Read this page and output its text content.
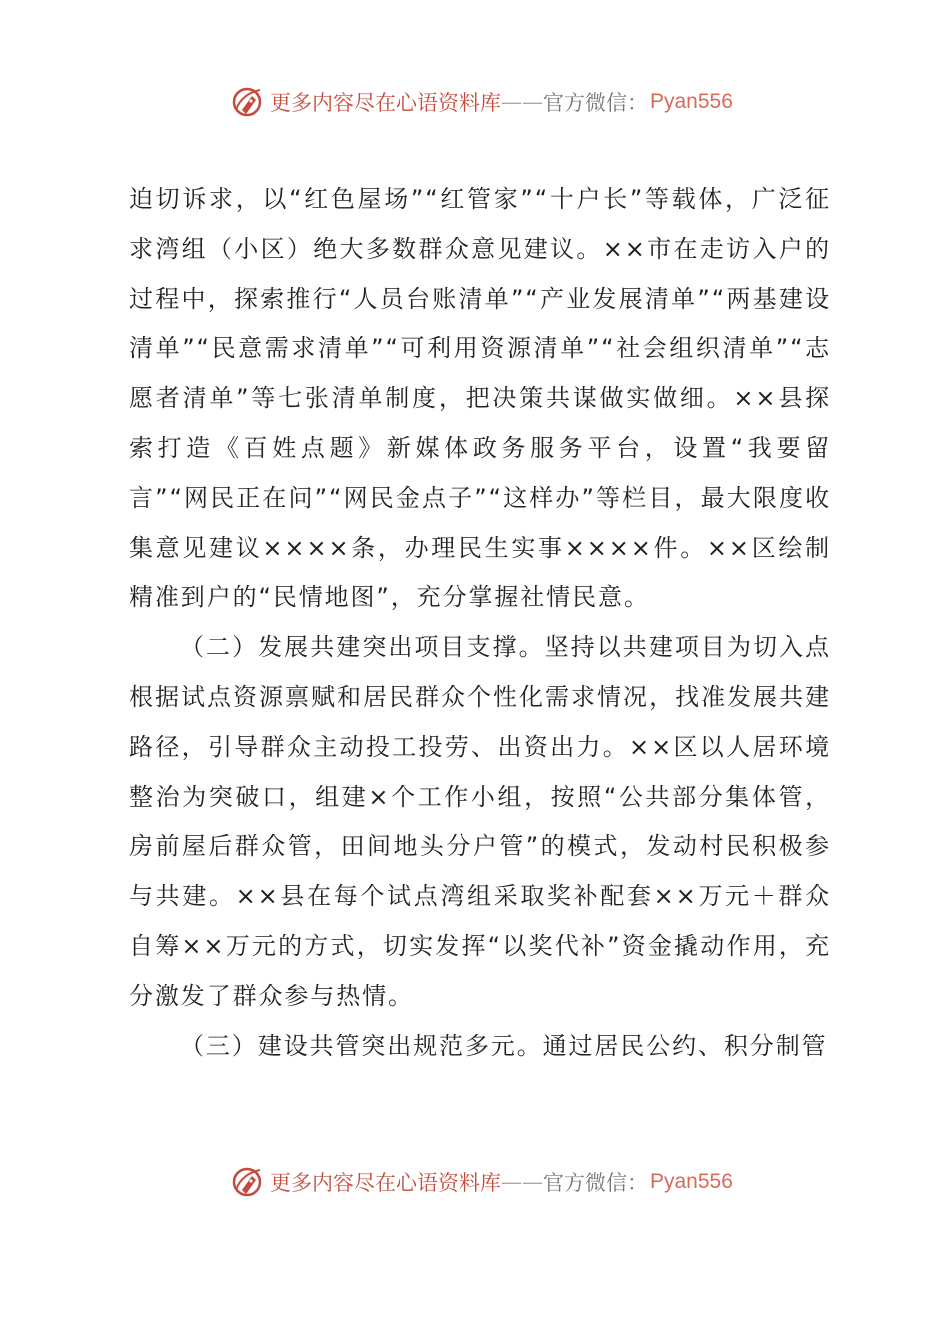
更多内容尽在心语资料库 —— 官方微信： Pyan556

迫切诉求，以“红色屋场”“红管家”“十户长”等载体，广泛征求湾组（小区）绝大多数群众意见建议。××市在走访入户的过程中，探索推行“人员台账清单”“产业发展清单”“两基建设清单”“民意需求清单”“可利用资源清单”“社会组织清单”“志愿者清单”等七张清单制度，把决策共谋做实做细。××县探索打造《百姓点题》新媒体政务服务平台，设置“我要留言”“网民正在问”“网民金点子”“这样办”等栏目，最大限度收集意见建议××××条，办理民生实事××××件。××区绘制精准到户的“民情地图”，充分掌握社情民意。

（二）发展共建突出项目支撑。坚持以共建项目为切入点根据试点资源禀赋和居民群众个性化需求情况，找准发展共建路径，引导群众主动投工投劳、出资出力。××区以人居环境整治为突破口，组建×个工作小组，按照“公共部分集体管，房前屋后群众管，田间地头分户管”的模式，发动村民积极参与共建。××县在每个试点湾组采取奖补配套××万元＋群众自筹××万元的方式，切实发挥“以奖代补”资金撬动作用，充分激发了群众参与热情。

（三）建设共管突出规范多元。通过居民公约、积分制管

更多内容尽在心语资料库 —— 官方微信： Pyan556
